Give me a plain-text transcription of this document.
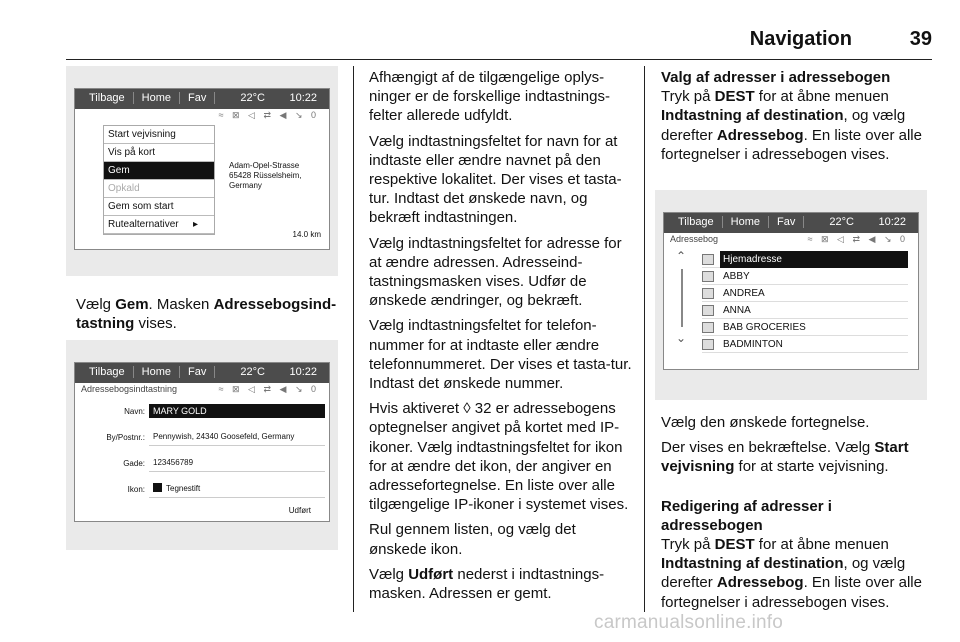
Navigation	39
Tilbage	Home	Fav	22°C 10:22
≈ ⊠ ◁ ⇄ ◀ ↘ 0
Start vejvisning
Vis på kort
Gem
Opkald
Gem som start
Rutealternativer ▸
Adam-Opel-Strasse
65428 Rüsselsheim, Germany
14.0 km

Vælg Gem. Masken Adressebogsind-tastning vises.

Tilbage	Home	Fav	22°C 10:22
Adressebogsindtastning	≈ ⊠ ◁ ⇄ ◀ ↘ 0
Navn: MARY GOLD
By/Postnr.:	Pennywish, 24340 Goosefeld, Germany
Gade:	123456789
Ikon:	Tegnestift
Udført

Afhængigt af de tilgængelige oplys-ninger er de forskellige indtastnings-felter allerede udfyldt.

Vælg indtastningsfeltet for navn for at indtaste eller ændre navnet på den respektive lokalitet. Der vises et tasta-tur. Indtast det ønskede navn, og bekræft indtastningen.

Vælg indtastningsfeltet for adresse for at ændre adressen. Adresseind-tastningsmasken vises. Udfør de ønskede ændringer, og bekræft.

Vælg indtastningsfeltet for telefon-nummer for at indtaste eller ændre telefonnummeret. Der vises et tasta-tur. Indtast det ønskede nummer.

Hvis aktiveret ◊ 32 er adressebogens optegnelser angivet på kortet med IP-ikoner. Vælg indtastningsfeltet for ikon for at ændre det ikon, der angiver en adressefortegnelse. En liste over alle tilgængelige IP-ikoner i systemet vises.

Rul gennem listen, og vælg det ønskede ikon.

Vælg Udført nederst i indtastnings-masken. Adressen er gemt.

Valg af adresser i adressebogen

Tryk på DEST for at åbne menuen Indtastning af destination, og vælg derefter Adressebog. En liste over alle fortegnelser i adressebogen vises.

Tilbage	Home	Fav	22°C 10:22
Adressebog	≈ ⊠ ◁ ⇄ ◀ ↘ 0
⌃
⌄
Hjemadresse
ABBY
ANDREA
ANNA
BAB GROCERIES
BADMINTON

Vælg den ønskede fortegnelse.

Der vises en bekræftelse. Vælg Start vejvisning for at starte vejvisning.

Redigering af adresser i adressebogen

Tryk på DEST for at åbne menuen Indtastning af destination, og vælg derefter Adressebog. En liste over alle fortegnelser i adressebogen vises.

carmanualsonline.info
